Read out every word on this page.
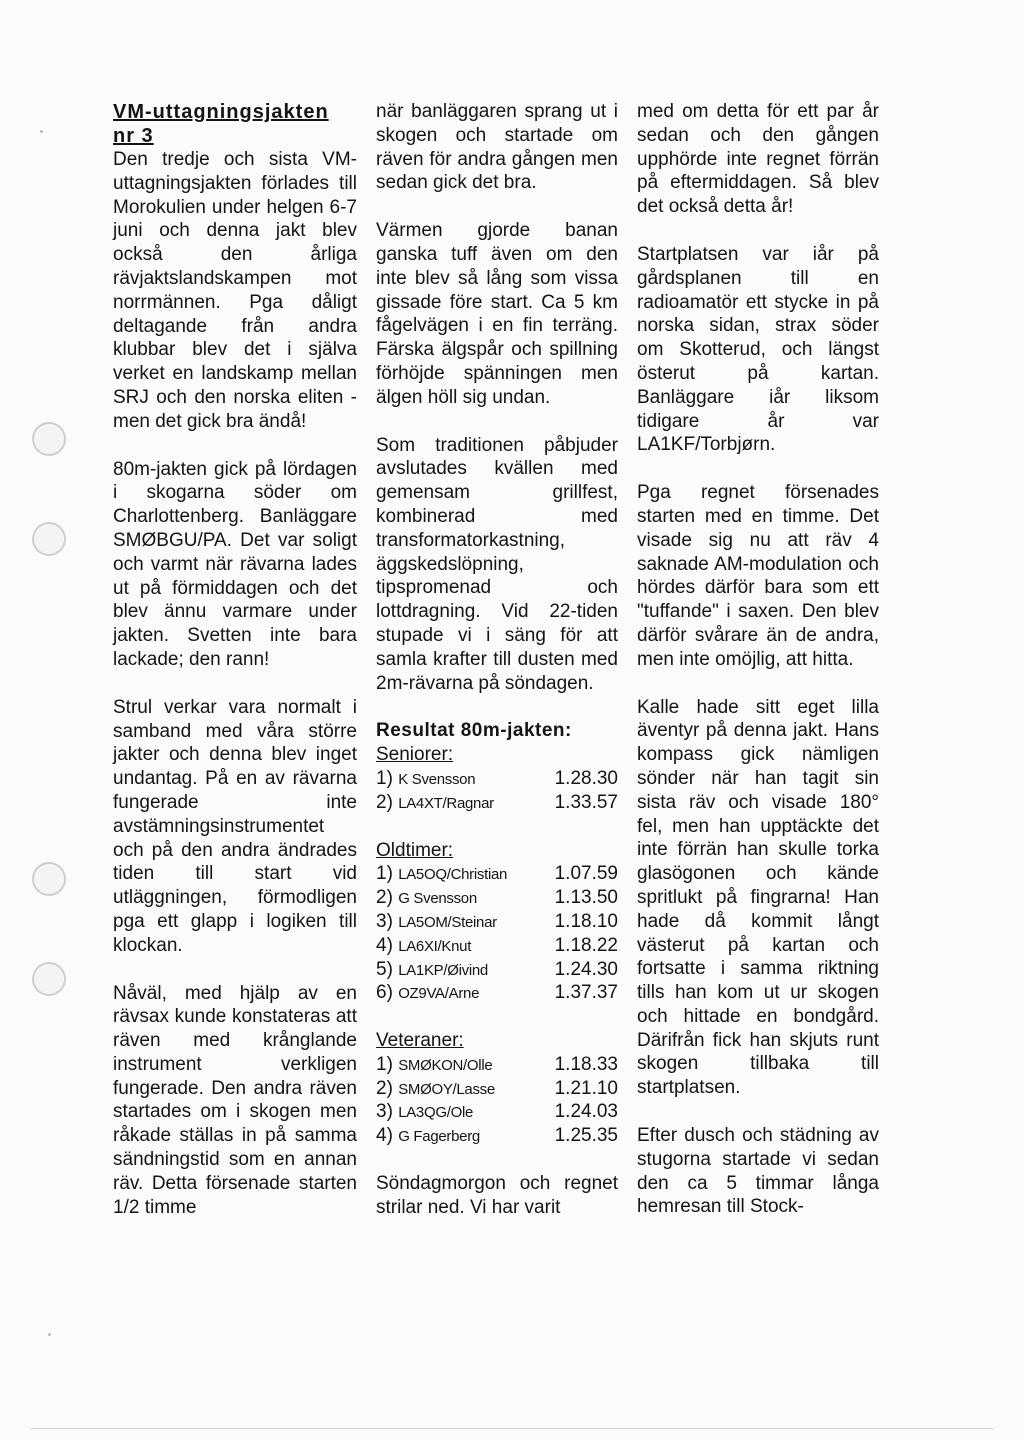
VM-uttagningsjakten
nr 3

Den tredje och sista VM-uttagningsjakten förlades till Morokulien under helgen 6-7 juni och denna jakt blev också den årliga rävjaktslandskampen mot norrmännen. Pga dåligt deltagande från andra klubbar blev det i själva verket en landskamp mellan SRJ och den norska eliten - men det gick bra ändå!

80m-jakten gick på lördagen i skogarna söder om Charlottenberg. Banläggare SMØBGU/PA. Det var soligt och varmt när rävarna lades ut på förmiddagen och det blev ännu varmare under jakten. Svetten inte bara lackade; den rann!

Strul verkar vara normalt i samband med våra större jakter och denna blev inget undantag. På en av rävarna fungerade inte avstämningsinstrumentet och på den andra ändrades tiden till start vid utläggningen, förmodligen pga ett glapp i logiken till klockan.

Nåväl, med hjälp av en rävsax kunde konstateras att räven med krånglande instrument verkligen fungerade. Den andra räven startades om i skogen men råkade ställas in på samma sändningstid som en annan räv. Detta försenade starten 1/2 timme

när banläggaren sprang ut i skogen och startade om räven för andra gången men sedan gick det bra.

Värmen gjorde banan ganska tuff även om den inte blev så lång som vissa gissade före start. Ca 5 km fågelvägen i en fin terräng. Färska älgspår och spillning förhöjde spänningen men älgen höll sig undan.

Som traditionen påbjuder avslutades kvällen med gemensam grillfest, kombinerad med transformatorkastning, äggskedslöpning, tipspromenad och lottdragning. Vid 22-tiden stupade vi i säng för att samla krafter till dusten med 2m-rävarna på söndagen.

Resultat 80m-jakten:
Seniorer:
1) K Svensson	1.28.30
2) LA4XT/Ragnar	1.33.57
Oldtimer:
1) LA5OQ/Christian	1.07.59
2) G Svensson	1.13.50
3) LA5OM/Steinar	1.18.10
4) LA6XI/Knut	1.18.22
5) LA1KP/Øivind	1.24.30
6) OZ9VA/Arne	1.37.37
Veteraner:
1) SMØKON/Olle	1.18.33
2) SMØOY/Lasse	1.21.10
3) LA3QG/Ole	1.24.03
4) G Fagerberg	1.25.35

Söndagmorgon och regnet strilar ned. Vi har varit

med om detta för ett par år sedan och den gången upphörde inte regnet förrän på eftermiddagen. Så blev det också detta år!

Startplatsen var iår på gårdsplanen till en radioamatör ett stycke in på norska sidan, strax söder om Skotterud, och längst österut på kartan. Banläggare iår liksom tidigare år var LA1KF/Torbjørn.

Pga regnet försenades starten med en timme. Det visade sig nu att räv 4 saknade AM-modulation och hördes därför bara som ett "tuffande" i saxen. Den blev därför svårare än de andra, men inte omöjlig, att hitta.

Kalle hade sitt eget lilla äventyr på denna jakt. Hans kompass gick nämligen sönder när han tagit sin sista räv och visade 180° fel, men han upptäckte det inte förrän han skulle torka glasögonen och kände spritlukt på fingrarna! Han hade då kommit långt västerut på kartan och fortsatte i samma riktning tills han kom ut ur skogen och hittade en bondgård. Därifrån fick han skjuts runt skogen tillbaka till startplatsen.

Efter dusch och städning av stugorna startade vi sedan den ca 5 timmar långa hemresan till Stock-
